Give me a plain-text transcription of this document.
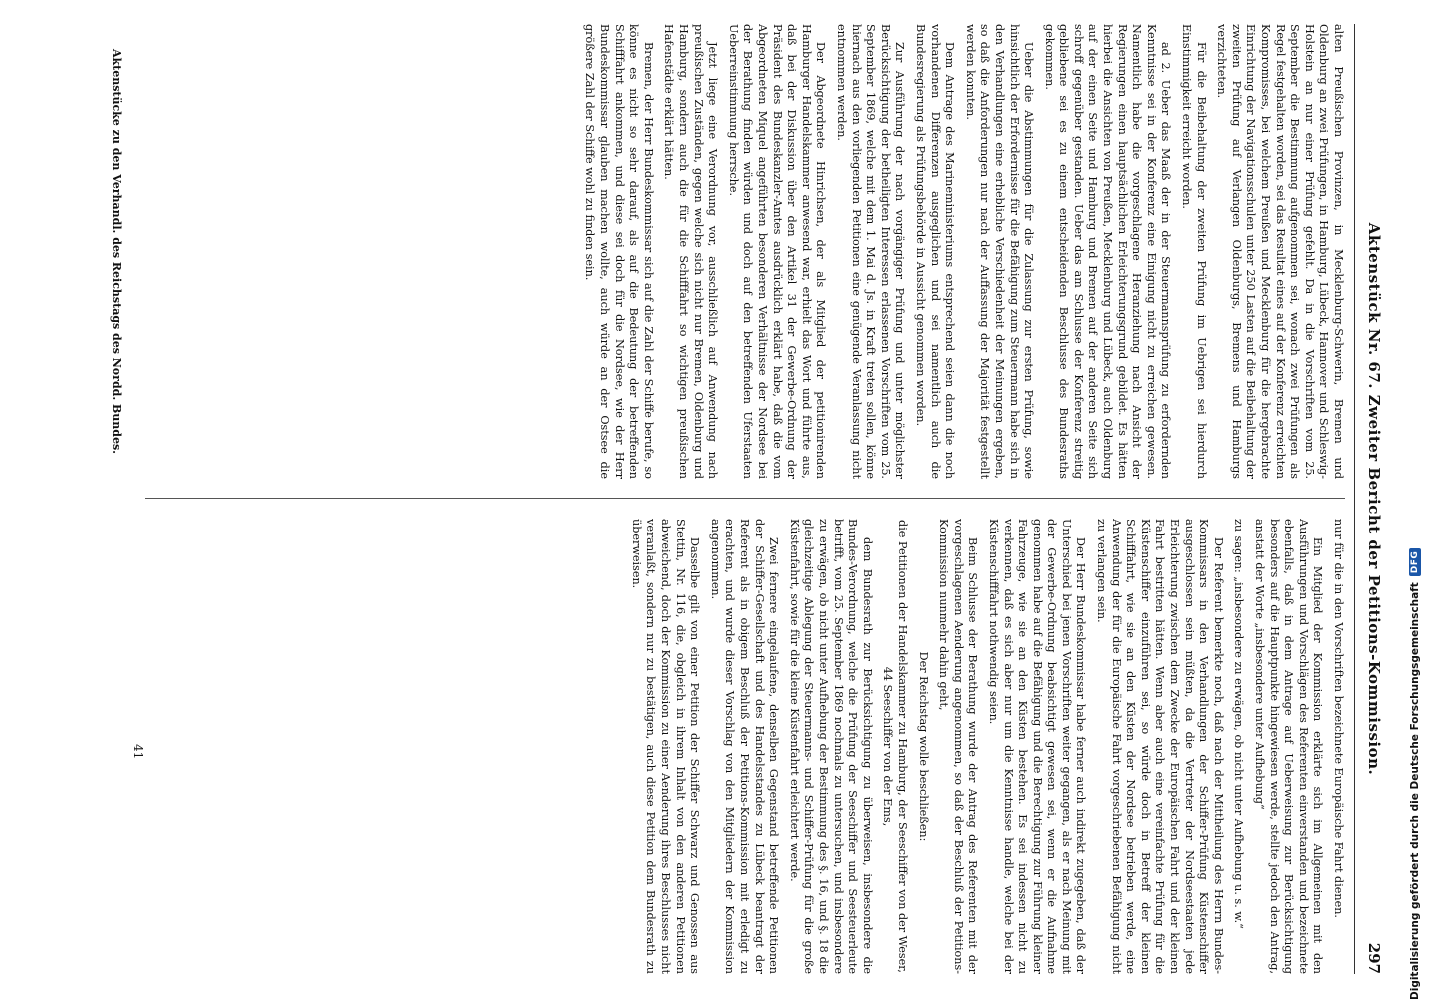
Aktenstück Nr. 67. Zweiter Bericht der Petitions-Kommission.
297

alten Preußischen Provinzen, in Mecklenburg-Schwerin, Bremen und Oldenburg an zwei Prüfungen, in Hamburg, Lübeck, Hannover und Schleswig-Holstein an nur einer Prüfung gefehlt. Da in die Vorschriften vom 25. September die Bestimmung aufgenommen sei, wonach zwei Prüfungen als Regel festgehalten worden, sei das Resultat eines auf der Konferenz erreichten Kompromisses, bei welchem Preußen und Mecklenburg für die hergebrachte Einrichtung der Navigationsschulen unter 250 Lasten auf die Beibehaltung der zweiten Prüfung auf Verlangen Oldenburgs, Bremens und Hamburgs verzichteten.

Für die Beibehaltung der zweiten Prüfung im Uebrigen sei hierdurch Einstimmigkeit erreicht worden.

ad 2. Ueber das Maaß der in der Steuermannsprüfung zu erfordernden Kenntnisse sei in der Konferenz eine Einigung nicht zu erreichen gewesen. Namentlich habe die vorgeschlagene Heranziehung nach Ansicht der Regierungen einen hauptsächlichen Erleichterungsgrund gebildet. Es hätten hierbei die Ansichten von Preußen, Mecklenburg und Lübeck, auch Oldenburg auf der einen Seite und Hamburg und Bremen auf der anderen Seite sich schroff gegenüber gestanden. Ueber das am Schlusse der Konferenz streitig gebliebene sei es zu einem entscheidenden Beschlusse des Bundesraths gekommen.

Ueber die Abstimmungen für die Zulassung zur ersten Prüfung, sowie hinsichtlich der Erfordernisse für die Befähigung zum Steuermann habe sich in den Verhandlungen eine erhebliche Verschiedenheit der Meinungen ergeben, so daß die Anforderungen nur nach der Auffassung der Majorität festgestellt werden konnten.

Dem Antrage des Marineministeriums entsprechend seien dann die noch vorhandenen Differenzen ausgeglichen und sei namentlich auch die Bundesregierung als Prüfungsbehörde in Aussicht genommen worden.

Zur Ausführung der nach vorgängiger Prüfung und unter möglichster Berücksichtigung der betheiligten Interessen erlassenen Vorschriften vom 25. September 1869, welche mit dem 1. Mai d. Js. in Kraft treten sollen, könne hiernach aus den vorliegenden Petitionen eine genügende Veranlassung nicht entnommen werden.

Der Abgeordnete Hinrichsen, der als Mitglied der petitionirenden Hamburger Handelskammer anwesend war, erhielt das Wort und führte aus, daß bei der Diskussion über den Artikel 31 der Gewerbe-Ordnung der Präsident des Bundeskanzler-Amtes ausdrücklich erklärt habe, daß die vom Abgeordneten Miquel angeführten besonderen Verhältnisse der Nordsee bei der Berathung finden würden und doch auf den betreffenden Uferstaaten Ueberreinstimmung herrsche.

Jetzt liege eine Verordnung vor, ausschließlich auf Anwendung nach preußischen Zuständen, gegen welche sich nicht nur Bremen, Oldenburg und Hamburg, sondern auch die für die Schifffahrt so wichtigen preußischen Hafenstädte erklärt hätten.

Bremen, der Herr Bundeskommissar sich auf die Zahl der Schiffe berufe, so könne es nicht so sehr darauf, als auf die Bedeutung der betreffenden Schifffahrt ankommen, und diese sei doch für die Nordsee, wie der Herr Bundeskommissar glauben machen wollte, auch würde an der Ostsee die größere Zahl der Schiffe wohl zu finden sein.

nur für die in den Vorschriften bezeichnete Europäische Fahrt dienen.

Ein Mitglied der Kommission erklärte sich im Allgemeinen mit den Ausführungen und Vorschlägen des Referenten einverstanden und bezeichnete ebenfalls, daß in dem Antrage auf Ueberweisung zur Berücksichtigung besonders auf die Hauptpunkte hingewiesen werde, stellte jedoch den Antrag, anstatt der Worte „insbesondere unter Aufhebung“

zu sagen: „insbesondere zu erwägen, ob nicht unter Aufhebung u. s. w.“

Der Referent bemerkte noch, daß nach der Mittheilung des Herrn Bundes-Kommissars in den Verhandlungen der Schiffer-Prüfung Küstenschiffer ausgeschlossen sein müßten, da die Vertreter der Nordseestaaten jede Erleichterung zwischen dem Zwecke der Europäischen Fahrt und der kleinen Fahrt bestritten hätten. Wenn aber auch eine vereinfachte Prüfung für die Küstenschiffer einzuführen sei, so würde doch in Betreff der kleinen Schifffahrt, wie sie an den Küsten der Nordsee betrieben werde, eine Anwendung der für die Europäische Fahrt vorgeschriebenen Befähigung nicht zu verlangen sein.

Der Herr Bundeskommissar habe ferner auch indirekt zugegeben, daß der Unterschied bei jenen Vorschriften weiter gegangen, als er nach Meinung mit der Gewerbe-Ordnung beabsichtigt gewesen sei, wenn er die Aufnahme genommen habe auf die Befähigung und die Berechtigung zur Führung kleiner Fahrzeuge, wie sie an den Küsten bestehen. Es sei indessen nicht zu verkennen, daß es sich aber nur um die Kenntnisse handle, welche bei der Küstenschifffahrt nothwendig seien.

Beim Schlusse der Berathung wurde der Antrag des Referenten mit der vorgeschlagenen Aenderung angenommen, so daß der Beschluß der Petitions-Kommission nunmehr dahin geht,

Der Reichstag wolle beschließen:

die Petitionen der Handelskammer zu Hamburg, der Seeschiffer von der Weser, 44 Seeschiffer von der Ems,

dem Bundesrath zur Berücksichtigung zu überweisen, insbesondere die Bundes-Verordnung, welche die Prüfung der Seeschiffer und Seesteuerleute betrifft, vom 25. September 1869 nochmals zu untersuchen, und insbesondere zu erwägen, ob nicht unter Aufhebung der Bestimmung des §. 16, und §. 18 die gleichzeitige Ablegung der Steuermanns- und Schiffer-Prüfung für die große Küstenfahrt, sowie für die kleine Küstenfahrt erleichtert werde.

Zwei fernere eingelaufene, denselben Gegenstand betreffende Petitionen der Schiffer-Gesellschaft und des Handelsstandes zu Lübeck beantragt der Referent als in obigem Beschluß der Petitions-Kommission mit erledigt zu erachten, und wurde dieser Vorschlag von den Mitgliedern der Kommission angenommen.

Dasselbe gilt von einer Petition der Schiffer Schwarz und Genossen aus Stettin, Nr. 116, die, obgleich in ihrem Inhalt von den anderen Petitionen abweichend, doch der Kommission zu einer Aenderung ihres Beschlusses nicht veranlaßt, sondern nur zu bestätigen, auch diese Petition dem Bundesrath zu überweisen.

Aktenstücke zu den Verhandl. des Reichstags des Nordd. Bundes.
41	Digitalisierung gefördert durch die Deutsche Forschungsgemeinschaft
DFG
